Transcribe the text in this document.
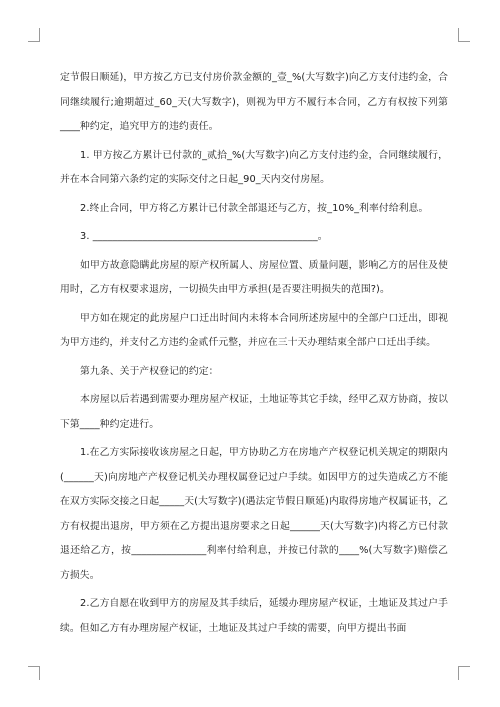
定节假日顺延)，甲方按乙方已支付房价款金额的_壹_%(大写数字)向乙方支付违约金，合同继续履行;逾期超过_60_天(大写数字)，则视为甲方不履行本合同，乙方有权按下列第____种约定，追究甲方的违约责任。

1. 甲方按乙方累计已付款的_贰拾_%(大写数字)向乙方支付违约金，合同继续履行，并在本合同第六条约定的实际交付之日起_90_天内交付房屋。

2.终止合同，甲方将乙方累计已付款全部退还与乙方，按_10%_利率付给利息。

3. _____________________________________________。

如甲方故意隐瞒此房屋的原产权所属人、房屋位置、质量问题，影响乙方的居住及使用时，乙方有权要求退房，一切损失由甲方承担(是否要注明损失的范围?)。

甲方如在规定的此房屋户口迁出时间内未将本合同所述房屋中的全部户口迁出，即视为甲方违约，并支付乙方违约金贰仟元整，并应在三十天办理结束全部户口迁出手续。

第九条、关于产权登记的约定：

本房屋以后若遇到需要办理房屋产权证，土地证等其它手续，经甲乙双方协商，按以下第____种约定进行。

1.在乙方实际接收该房屋之日起，甲方协助乙方在房地产产权登记机关规定的期限内(______天)向房地产产权登记机关办理权属登记过户手续。如因甲方的过失造成乙方不能在双方实际交接之日起_____天(大写数字)(遇法定节假日顺延)内取得房地产权属证书，乙方有权提出退房，甲方须在乙方提出退房要求之日起______天(大写数字)内将乙方已付款退还给乙方，按_______________利率付给利息，并按已付款的____%(大写数字)赔偿乙方损失。

2.乙方自愿在收到甲方的房屋及其手续后，延缓办理房屋产权证，土地证及其过户手续。但如乙方有办理房屋产权证，土地证及其过户手续的需要，向甲方提出书面
